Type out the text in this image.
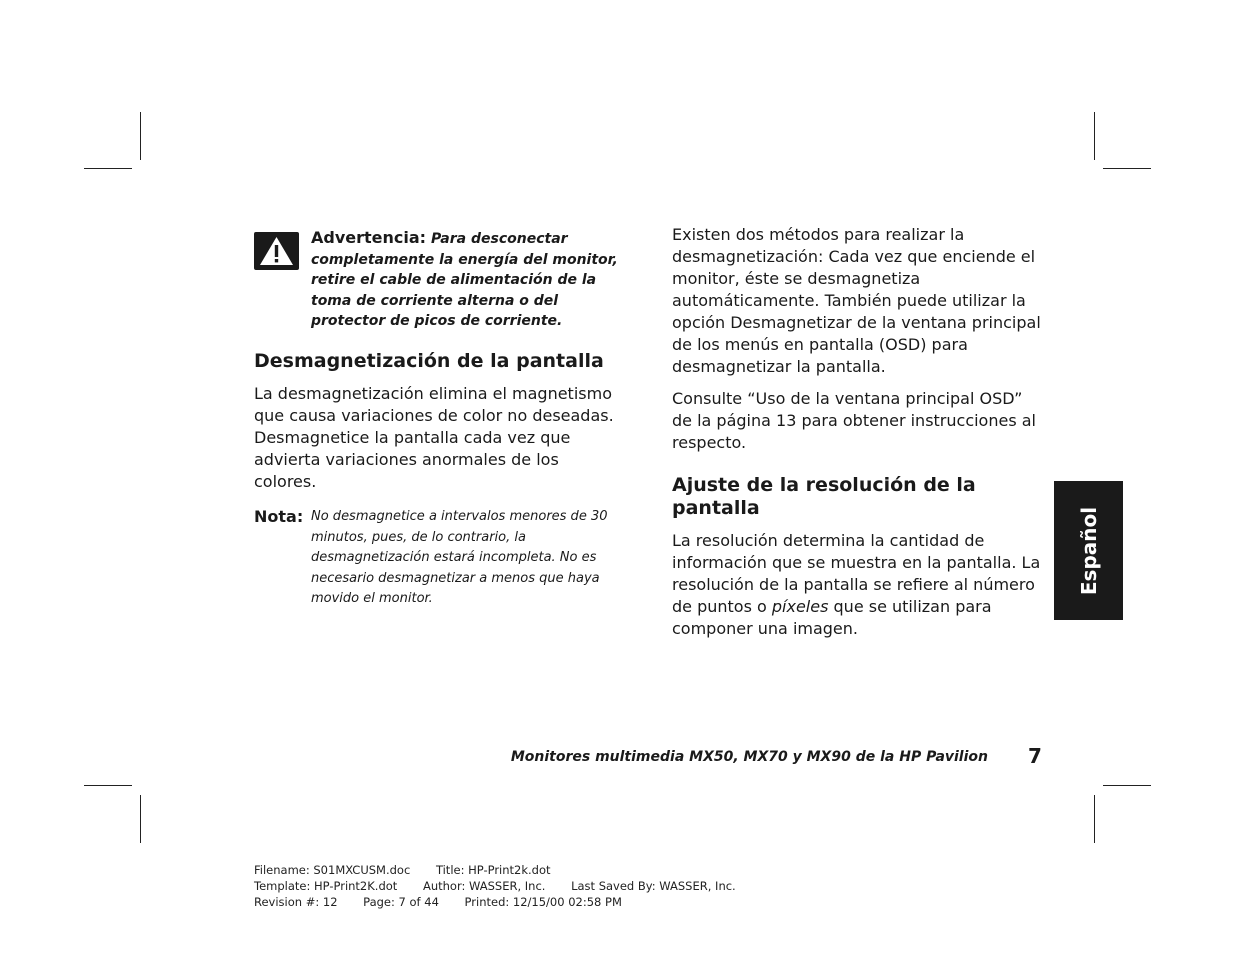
Advertencia: Para desconectar completamente la energía del monitor, retire el cable de alimentación de la toma de corriente alterna o del protector de picos de corriente.
Desmagnetización de la pantalla

La desmagnetización elimina el magnetismo que causa variaciones de color no deseadas. Desmagnetice la pantalla cada vez que advierta variaciones anormales de los colores.

Nota: No desmagnetice a intervalos menores de 30 minutos, pues, de lo contrario, la desmagnetización estará incompleta. No es necesario desmagnetizar a menos que haya movido el monitor.

Existen dos métodos para realizar la desmagnetización: Cada vez que enciende el monitor, éste se desmagnetiza automáticamente. También puede utilizar la opción Desmagnetizar de la ventana principal de los menús en pantalla (OSD) para desmagnetizar la pantalla.

Consulte “Uso de la ventana principal OSD” de la página 13 para obtener instrucciones al respecto.

Ajuste de la resolución de la pantalla

La resolución determina la cantidad de información que se muestra en la pantalla. La resolución de la pantalla se refiere al número de puntos o píxeles que se utilizan para componer una imagen.

Español
Monitores multimedia MX50, MX70 y MX90 de la HP Pavilion 7
Filename: S01MXCUSM.doc Title: HP-Print2k.dot
Template: HP-Print2K.dot Author: WASSER, Inc. Last Saved By: WASSER, Inc.
Revision #: 12 Page: 7 of 44 Printed: 12/15/00 02:58 PM
